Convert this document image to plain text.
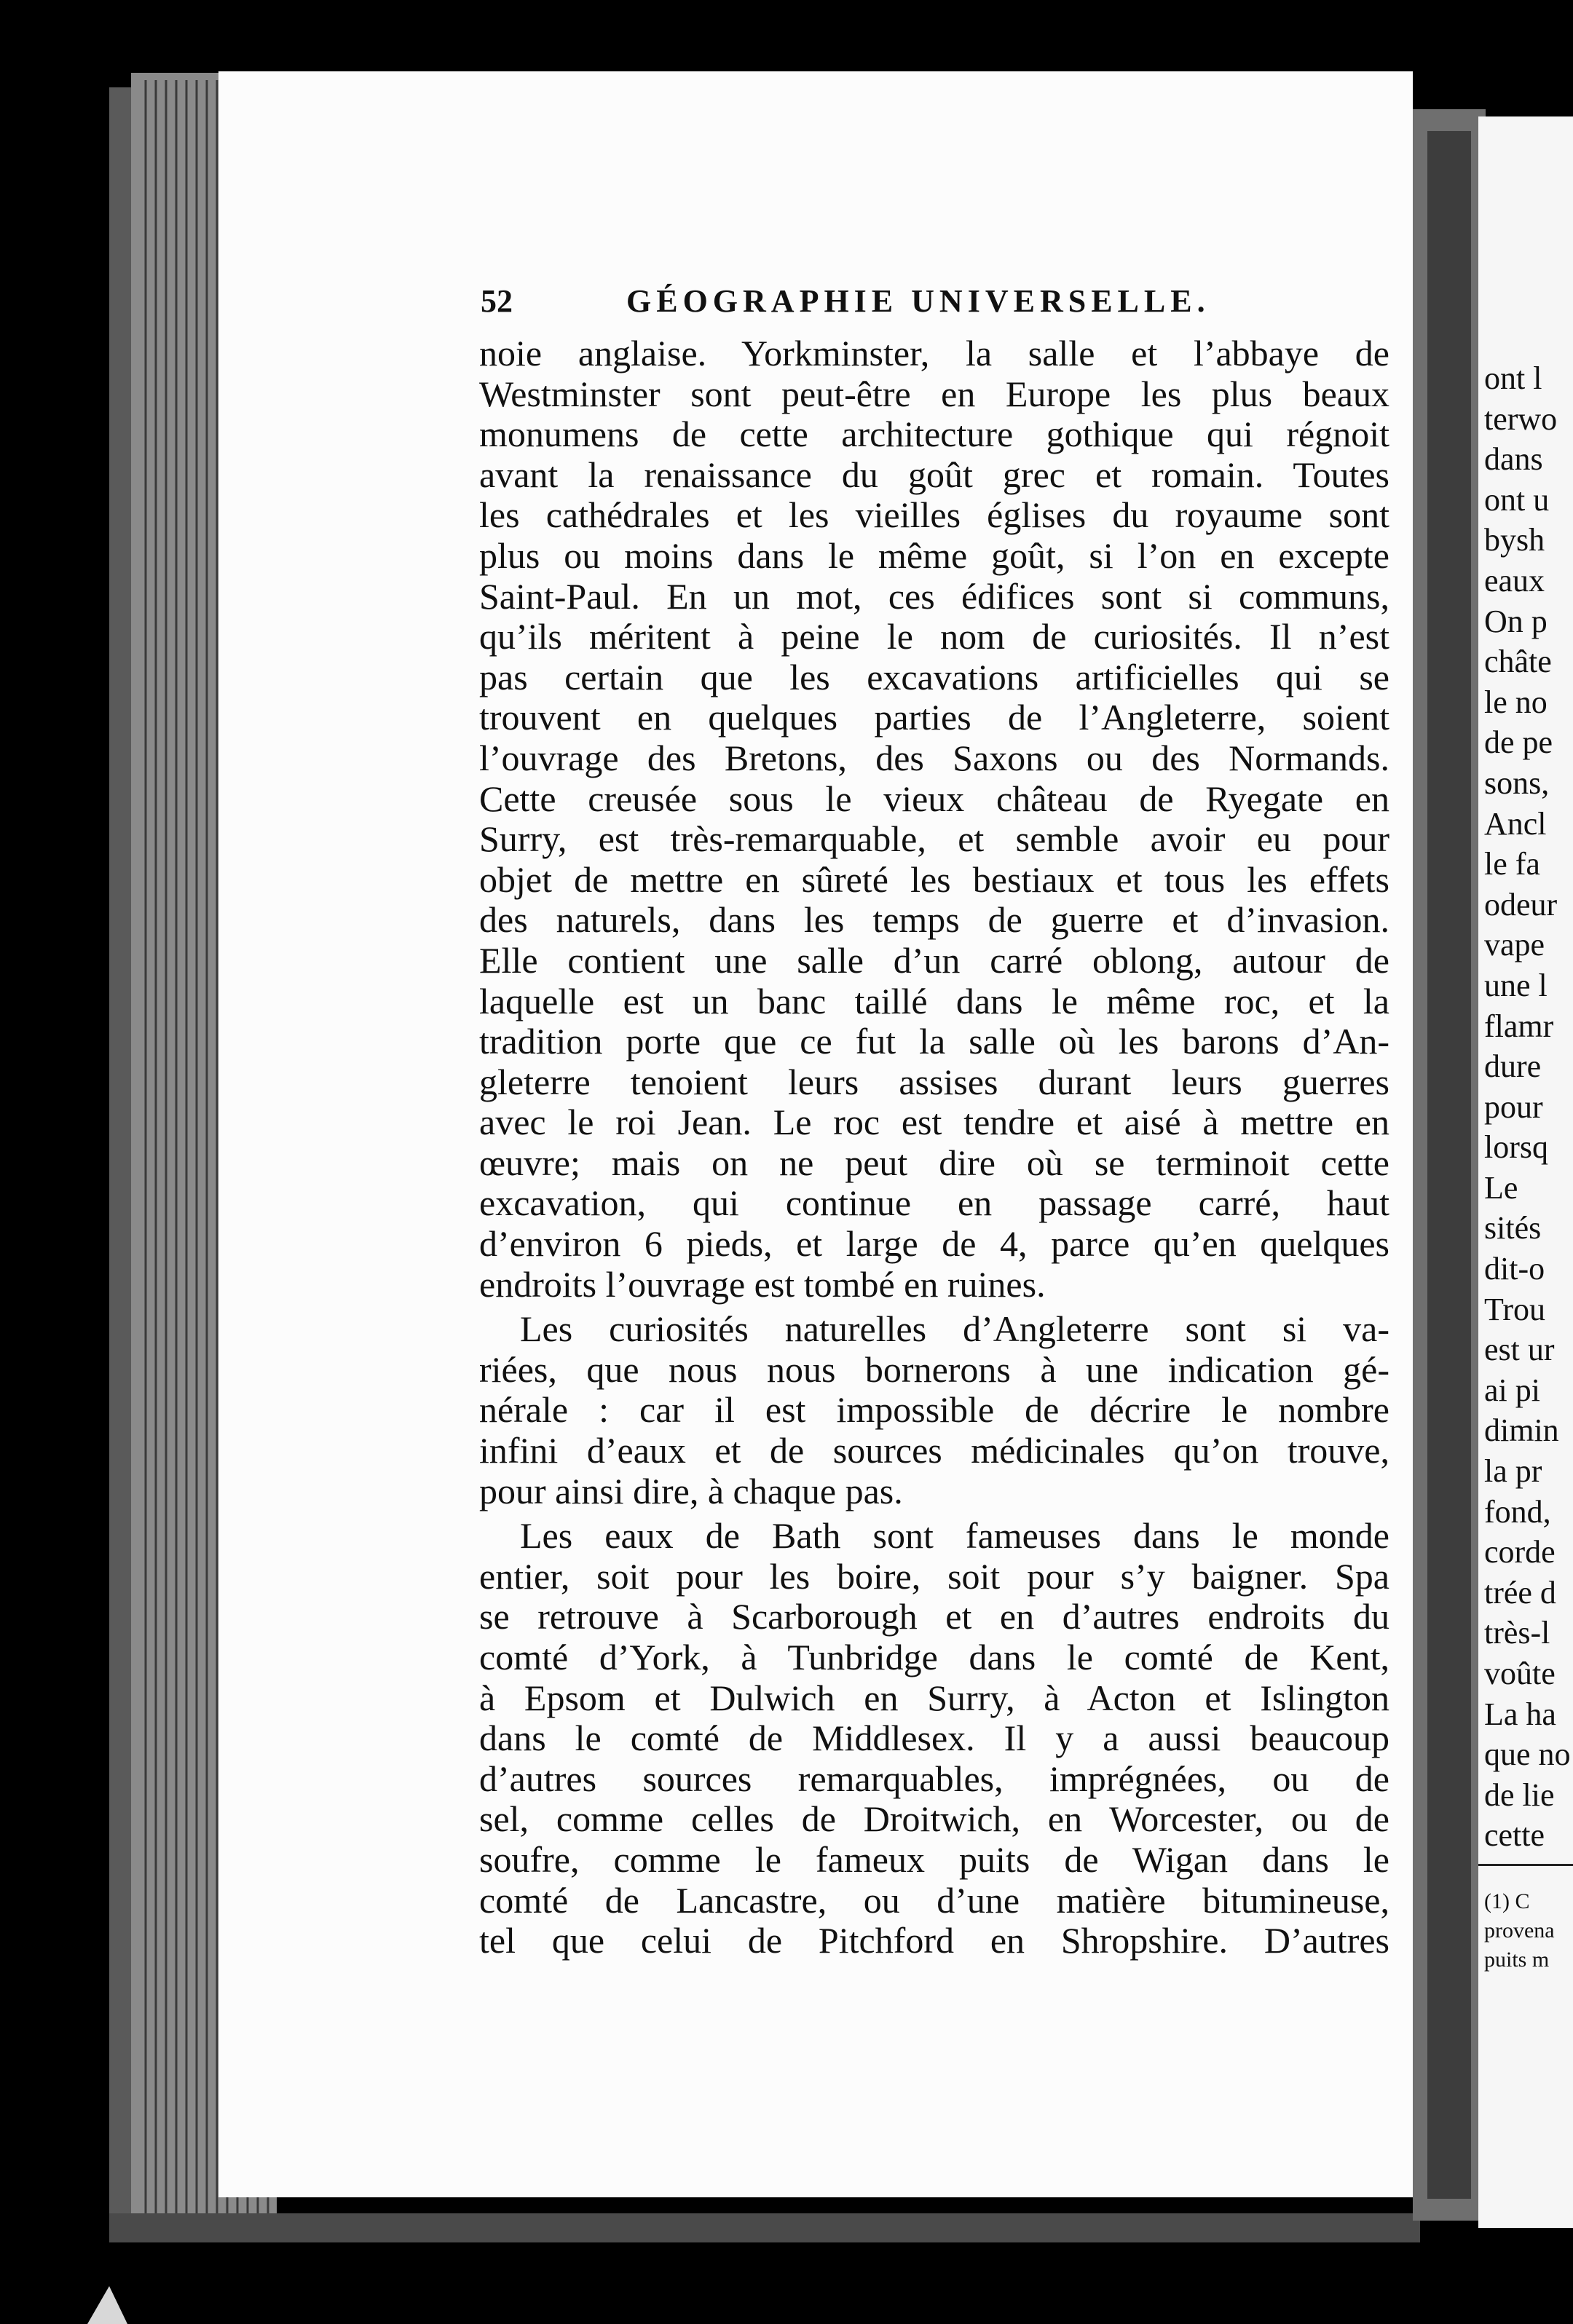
52	GÉOGRAPHIE UNIVERSELLE.
noie anglaise. Yorkminster, la salle et l’abbaye de
Westminster sont peut-être en Europe les plus beaux
monumens de cette architecture gothique qui régnoit
avant la renaissance du goût grec et romain. Toutes
les cathédrales et les vieilles églises du royaume sont
plus ou moins dans le même goût, si l’on en excepte
Saint-Paul. En un mot, ces édifices sont si communs,
qu’ils méritent à peine le nom de curiosités. Il n’est
pas certain que les excavations artificielles qui se
trouvent en quelques parties de l’Angleterre, soient
l’ouvrage des Bretons, des Saxons ou des Normands.
Cette creusée sous le vieux château de Ryegate en
Surry, est très-remarquable, et semble avoir eu pour
objet de mettre en sûreté les bestiaux et tous les effets
des naturels, dans les temps de guerre et d’invasion.
Elle contient une salle d’un carré oblong, autour de
laquelle est un banc taillé dans le même roc, et la
tradition porte que ce fut la salle où les barons d’An-
gleterre tenoient leurs assises durant leurs guerres
avec le roi Jean. Le roc est tendre et aisé à mettre en
œuvre; mais on ne peut dire où se terminoit cette
excavation, qui continue en passage carré, haut
d’environ 6 pieds, et large de 4, parce qu’en quelques
endroits l’ouvrage est tombé en ruines.
Les curiosités naturelles d’Angleterre sont si va-
riées, que nous nous bornerons à une indication gé-
nérale : car il est impossible de décrire le nombre
infini d’eaux et de sources médicinales qu’on trouve,
pour ainsi dire, à chaque pas.
Les eaux de Bath sont fameuses dans le monde
entier, soit pour les boire, soit pour s’y baigner. Spa
se retrouve à Scarborough et en d’autres endroits du
comté d’York, à Tunbridge dans le comté de Kent,
à Epsom et Dulwich en Surry, à Acton et Islington
dans le comté de Middlesex. Il y a aussi beaucoup
d’autres sources remarquables, imprégnées, ou de
sel, comme celles de Droitwich, en Worcester, ou de
soufre, comme le fameux puits de Wigan dans le
comté de Lancastre, ou d’une matière bitumineuse,
tel que celui de Pitchford en Shropshire. D’autres
ont l
terwo
dans
ont u
bysh
eaux
On p
châte
le no
de pe
sons,
Ancl
le fa
odeur
vape
une l
flamr
dure
pour
lorsq
Le
sités
dit-o
Trou
est ur
ai pi
dimin
la pr
fond,
corde
trée d
très-l
voûte
La ha
que no
de lie
cette
(1) C
provena
puits m
